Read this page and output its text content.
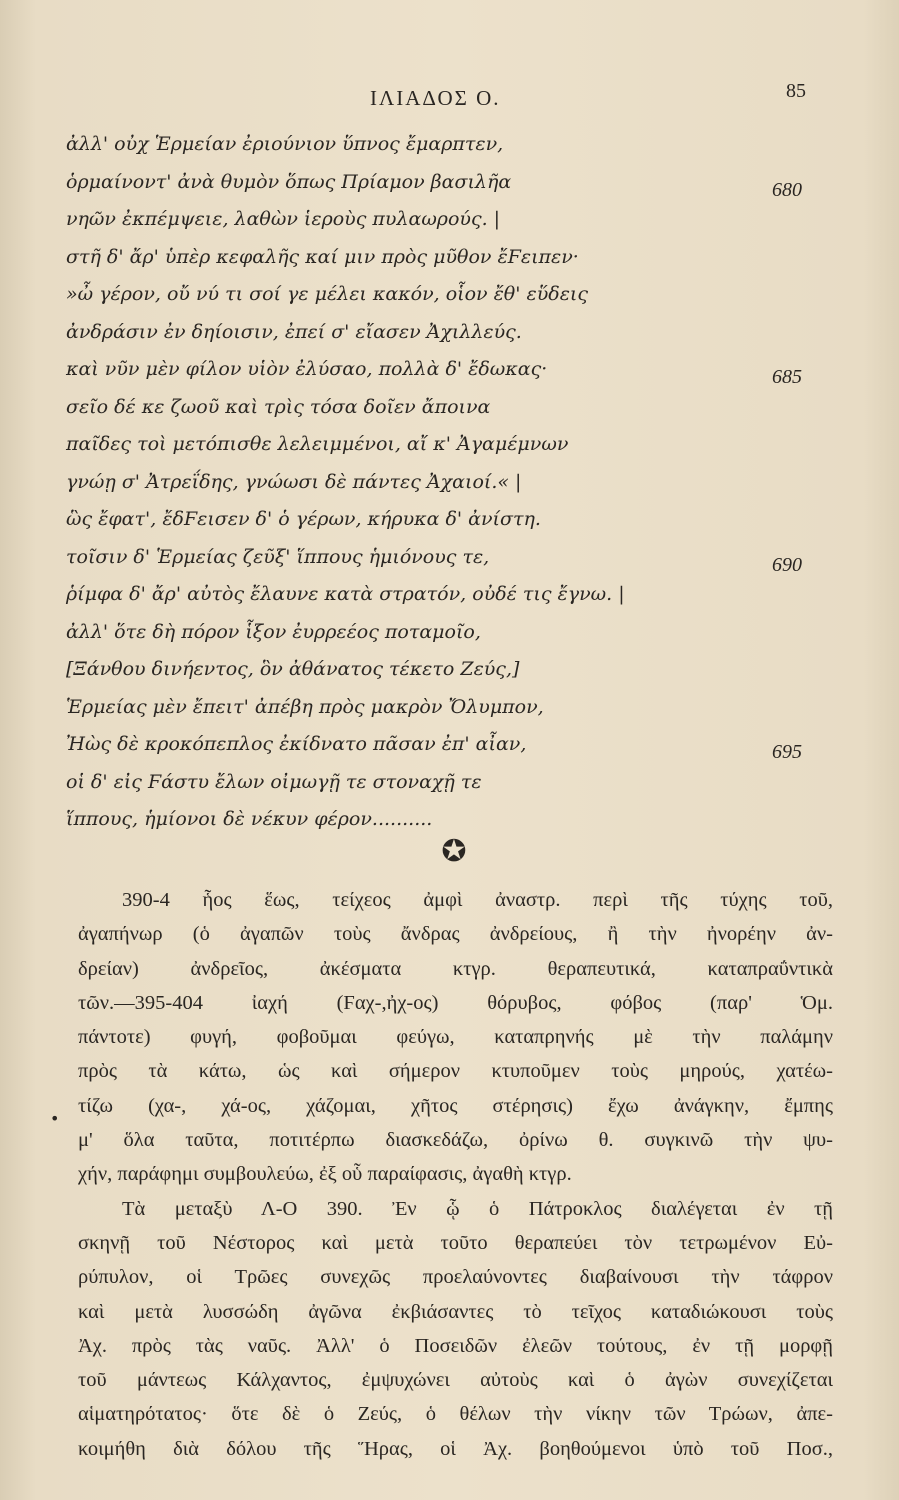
ΙΛΙΑΔΟΣ Ο.	85
ἀλλ' οὐχ Ἑρμείαν ἐριούνιον ὕπνος ἔμαρπτεν,
ὁρμαίνοντ' ἀνὰ θυμὸν ὅπως Πρίαμον βασιλῆα	680
νηῶν ἐκπέμψειε, λαθὼν ἱεροὺς πυλαωρούς. |
στῆ δ' ἄρ' ὑπὲρ κεφαλῆς καί μιν πρὸς μῦθον ἔϜειπεν·
»ὦ γέρον, οὔ νύ τι σοί γε μέλει κακόν, οἷον ἔθ' εὕδεις
ἀνδράσιν ἐν δηίοισιν, ἐπεί σ' εἴασεν Ἀχιλλεύς.
καὶ νῦν μὲν φίλον υἱὸν ἐλύσαο, πολλὰ δ' ἔδωκας·	685
σεῖο δέ κε ζωοῦ καὶ τρὶς τόσα δοῖεν ἄποινα
παῖδες τοὶ μετόπισθε λελειμμένοι, αἴ κ' Ἀγαμέμνων
γνώῃ σ' Ἀτρεΐδης, γνώωσι δὲ πάντες Ἀχαιοί.« |
ὣς ἔφατ', ἔδϜεισεν δ' ὁ γέρων, κήρυκα δ' ἀνίστη.
τοῖσιν δ' Ἑρμείας ζεῦξ' ἵππους ἡμιόνους τε,	690
ῥίμφα δ' ἄρ' αὐτὸς ἔλαυνε κατὰ στρατόν, οὐδέ τις ἔγνω. |
ἀλλ' ὅτε δὴ πόρον ἷξον ἐυρρεέος ποταμοῖο,
[Ξάνθου δινήεντος, ὃν ἀθάνατος τέκετο Ζεύς,]
Ἑρμείας μὲν ἔπειτ' ἀπέβη πρὸς μακρὸν Ὄλυμπον,
Ἠὼς δὲ κροκόπεπλος ἐκίδνατο πᾶσαν ἐπ' αἶαν,	695
οἱ δ' εἰς Ϝάστυ ἔλων οἰμωγῇ τε στοναχῇ τε
ἵππους, ἡμίονοι δὲ νέκυν φέρον..........
✪
•
390-4 ἧος ἕως, τείχεος ἀμφὶ ἀναστρ. περὶ τῆς τύχης τοῦ,
ἀγαπήνωρ (ὁ ἀγαπῶν τοὺς ἄνδρας ἀνδρείους, ἢ τὴν ἠνορέην ἀν-
δρείαν) ἀνδρεῖος, ἀκέσματα κτγρ. θεραπευτικά, καταπραΰντικὰ
τῶν.—395-404 ἰαχή (Ϝαχ-,ἠχ-ος) θόρυβος, φόβος (παρ' Ὁμ.
πάντοτε) φυγή, φοβοῦμαι φεύγω, καταπρηνής μὲ τὴν παλάμην
πρὸς τὰ κάτω, ὡς καὶ σήμερον κτυποῦμεν τοὺς μηρούς, χατέω-
τίζω (χα-, χά-ος, χάζομαι, χῆτος στέρησις) ἔχω ἀνάγκην, ἔμπης
μ' ὅλα ταῦτα, ποτιτέρπω διασκεδάζω, ὀρίνω θ. συγκινῶ τὴν ψυ-
χήν, παράφημι συμβουλεύω, ἐξ οὗ παραίφασις, ἀγαθὴ κτγρ.
Τὰ μεταξὺ Λ-Ο 390. Ἐν ᾧ ὁ Πάτροκλος διαλέγεται ἐν τῇ
σκηνῇ τοῦ Νέστορος καὶ μετὰ τοῦτο θεραπεύει τὸν τετρωμένον Εὐ-
ρύπυλον, οἱ Τρῶες συνεχῶς προελαύνοντες διαβαίνουσι τὴν τάφρον
καὶ μετὰ λυσσώδη ἀγῶνα ἐκβιάσαντες τὸ τεῖχος καταδιώκουσι τοὺς
Ἀχ. πρὸς τὰς ναῦς. Ἀλλ' ὁ Ποσειδῶν ἐλεῶν τούτους, ἐν τῇ μορφῇ
τοῦ μάντεως Κάλχαντος, ἐμψυχώνει αὐτοὺς καὶ ὁ ἀγὼν συνεχίζεται
αἱματηρότατος· ὅτε δὲ ὁ Ζεύς, ὁ θέλων τὴν νίκην τῶν Τρώων, ἀπε-
κοιμήθη διὰ δόλου τῆς Ἥρας, οἱ Ἀχ. βοηθούμενοι ὑπὸ τοῦ Ποσ.,
